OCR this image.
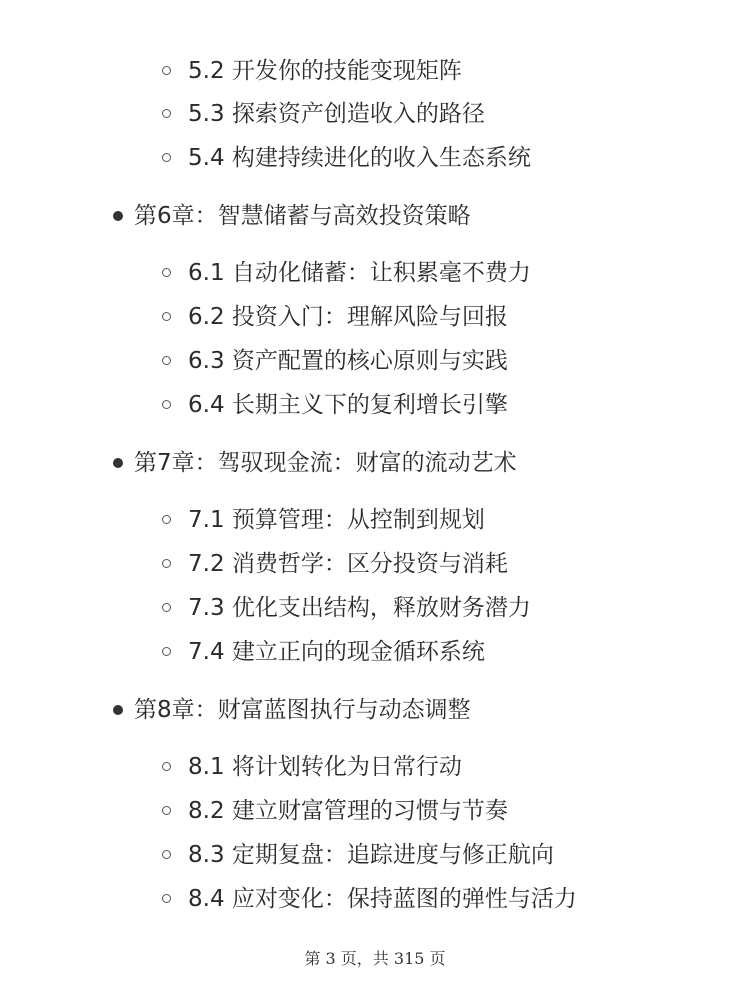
5.2 开发你的技能变现矩阵
5.3 探索资产创造收入的路径
5.4 构建持续进化的收入生态系统
第6章：智慧储蓄与高效投资策略
6.1 自动化储蓄：让积累毫不费力
6.2 投资入门：理解风险与回报
6.3 资产配置的核心原则与实践
6.4 长期主义下的复利增长引擎
第7章：驾驭现金流：财富的流动艺术
7.1 预算管理：从控制到规划
7.2 消费哲学：区分投资与消耗
7.3 优化支出结构，释放财务潜力
7.4 建立正向的现金循环系统
第8章：财富蓝图执行与动态调整
8.1 将计划转化为日常行动
8.2 建立财富管理的习惯与节奏
8.3 定期复盘：追踪进度与修正航向
8.4 应对变化：保持蓝图的弹性与活力
第 3 页，共 315 页
